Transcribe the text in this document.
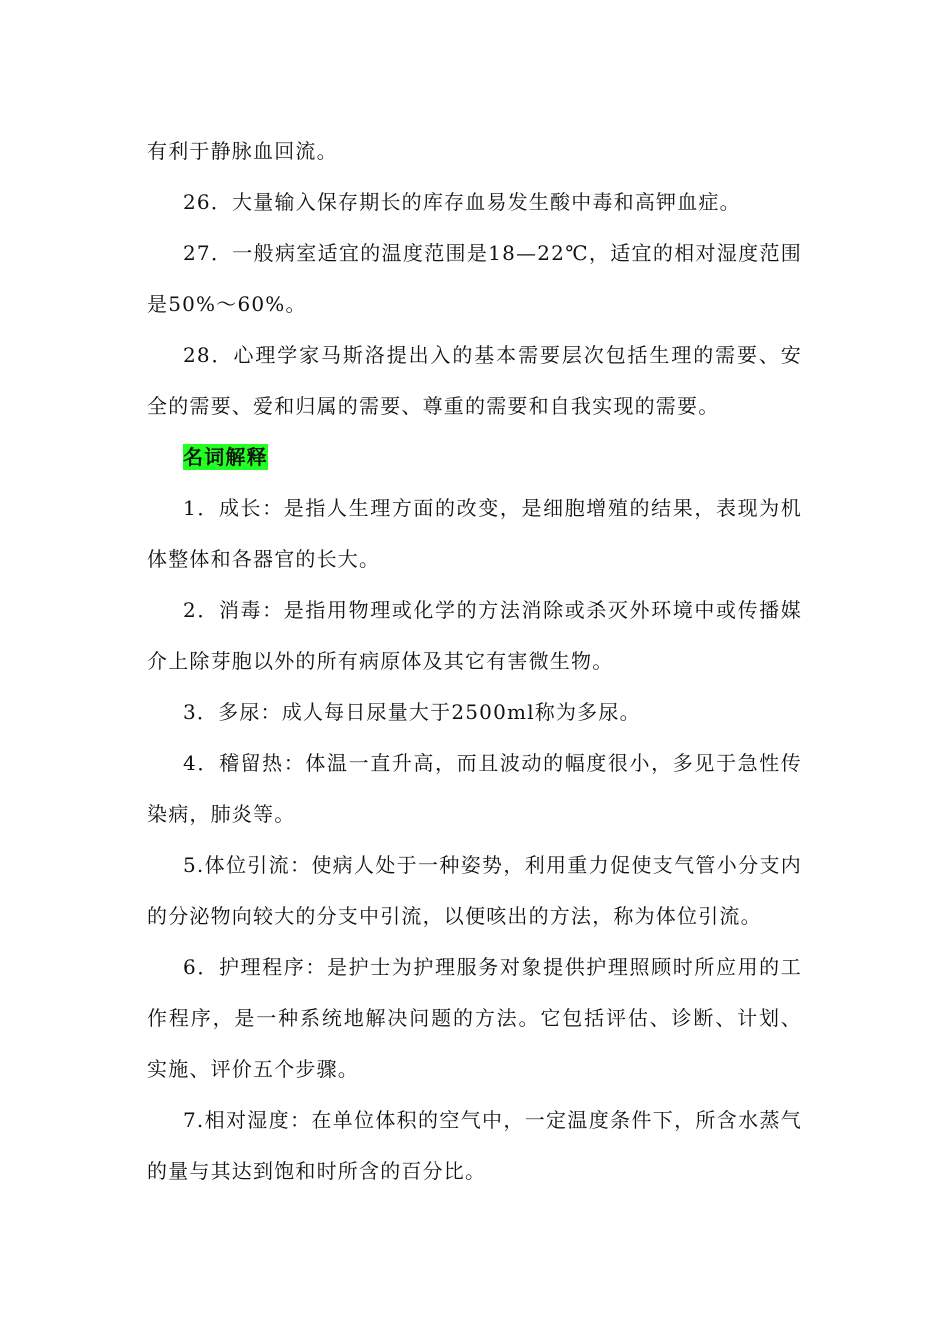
有利于静脉血回流。

26．大量输入保存期长的库存血易发生酸中毒和高钾血症。

27．一般病室适宜的温度范围是18—22℃，适宜的相对湿度范围是50%～60%。

28．心理学家马斯洛提出入的基本需要层次包括生理的需要、安全的需要、爱和归属的需要、尊重的需要和自我实现的需要。

名词解释

1．成长：是指人生理方面的改变，是细胞增殖的结果，表现为机体整体和各器官的长大。

2．消毒：是指用物理或化学的方法消除或杀灭外环境中或传播媒介上除芽胞以外的所有病原体及其它有害微生物。

3．多尿：成人每日尿量大于2500ml称为多尿。

4．稽留热：体温一直升高，而且波动的幅度很小，多见于急性传染病，肺炎等。

5.体位引流：使病人处于一种姿势，利用重力促使支气管小分支内的分泌物向较大的分支中引流，以便咳出的方法，称为体位引流。

6．护理程序：是护士为护理服务对象提供护理照顾时所应用的工作程序，是一种系统地解决问题的方法。它包括评估、诊断、计划、实施、评价五个步骤。

7.相对湿度：在单位体积的空气中，一定温度条件下，所含水蒸气的量与其达到饱和时所含的百分比。
